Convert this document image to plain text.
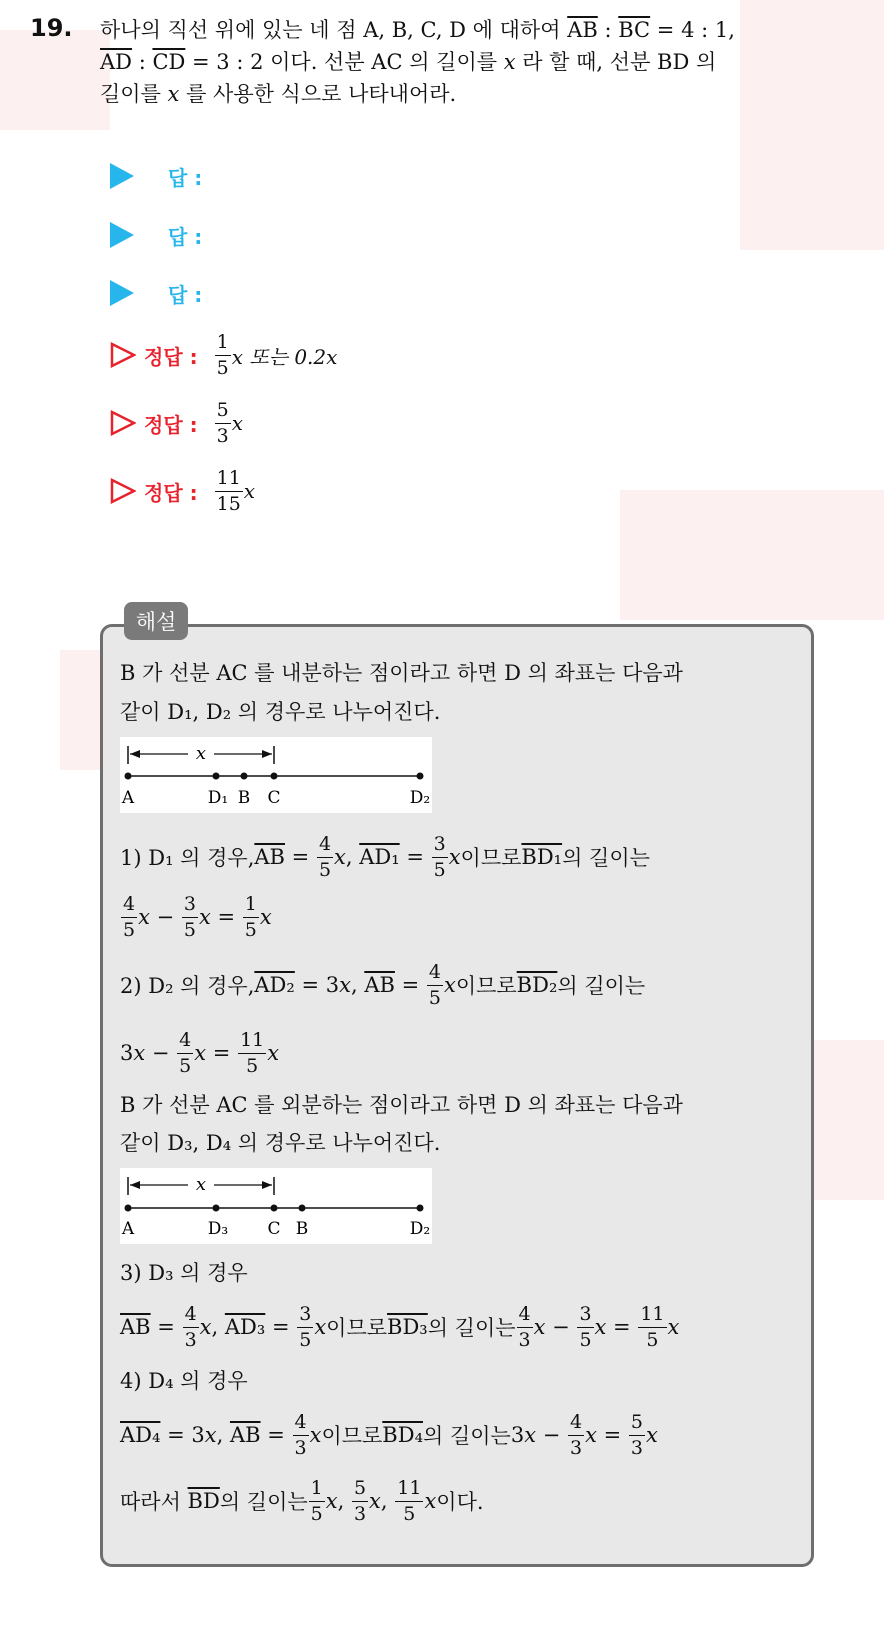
19. 하나의 직선 위에 있는 네 점 A, B, C, D 에 대하여 $\overline{AB}$ : $\overline{BC} = 4$ : 1,
$\overline{AD}$ : $\overline{CD} = 3$ : 2 이다. 선분 AC 의 길이를 x 라 할 때, 선분 BD 의
길이를 x 를 사용한 식으로 나타내어라.
답 :
답 :
답 :
정답 : $\frac{1}{5}$ x 또는 0.2x
정답 : $\frac{5}{3}$ x
정답 : $\frac{11}{15}$ x
해설
B 가 선분 AC 를 내분하는 점이라고 하면 D 의 좌표는 다음과
같이 D₁, D₂ 의 경우로 나누어진다.
x
A	D₁ B C	D₂
1) D₁ 의 경우, $\overline{AB} = \frac{4}{5}$ x , $AD_1 = \frac{3}{5}$ x 이므로 BD₁ 의 길이는
$\frac{4}{5}$ $x - \frac{3}{5}$ $x = \frac{1}{5}$ x
2) D₂ 의 경우, AD₂ = 3 x , $\overline{AB} = \frac{4}{5}$ x 이므로 BD₂ 의 길이는
3 $x - \frac{4}{5}$ $x = \frac{11}{5}$ x
B 가 선분 AC 를 외분하는 점이라고 하면 D 의 좌표는 다음과
같이 D₃, D₄ 의 경우로 나누어진다.
x
A	D₃ C B	D₂
3) D₃ 의 경우
$\overline{AB} = \frac{4}{3}$ x , $AD_3 = \frac{3}{5}$ x 이므로 BD₃ 의 길이는 $\frac{4}{3}$ $x - \frac{3}{5}$ $x = \frac{11}{5}$ x
4) D₄ 의 경우
AD₄ = 3 x , $\overline{AB} = \frac{4}{3}$ x 이므로 BD₄ 의 길이는 3 $x - \frac{4}{3}$ $x = \frac{5}{3}$ x
따라서
$\overline{BD}$ 의 길이는 $\frac{1}{5}$ x , $\frac{5}{3}$ x , $\frac{11}{5}$ x 이다.
